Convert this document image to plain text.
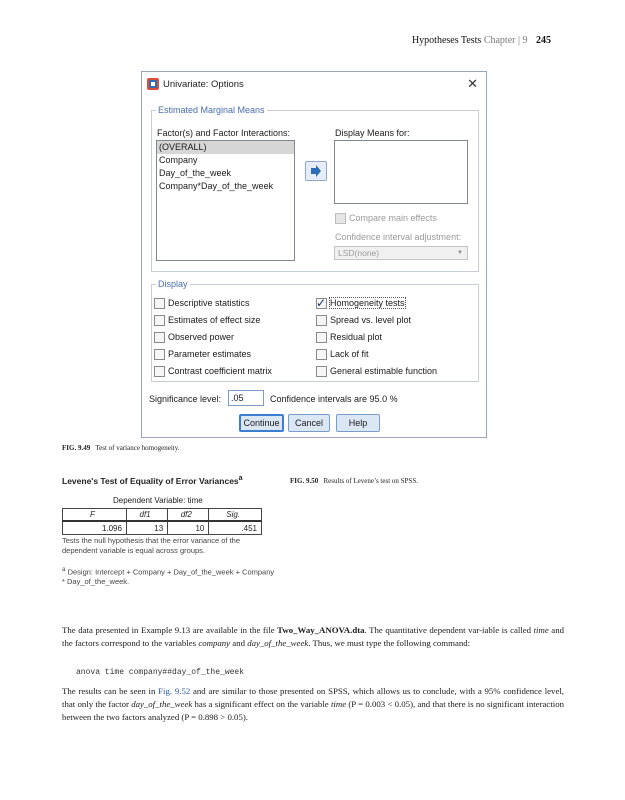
Hypotheses Tests Chapter | 9 245
Univariate: Options	✕
Estimated Marginal Means
Factor(s) and Factor Interactions:
(OVERALL)
Company
Day_of_the_week
Company*Day_of_the_week
Display Means for:
Compare main effects
Confidence interval adjustment:
LSD(none)	▼
Display
Descriptive statistics
Estimates of effect size
Observed power
Parameter estimates
Contrast coefficient matrix
✓ Homogeneity tests
Spread vs. level plot
Residual plot
Lack of fit
General estimable function
Significance level:	.05	Confidence intervals are 95.0 %
Continue	Cancel	Help
FIG. 9.49 Test of variance homogeneity.
FIG. 9.50 Results of Levene’s test on SPSS.
Levene's Test of Equality of Error Variances$^a$
Dependent Variable: time
F	df1	df2	Sig.
1.096	13	10	.451
Tests the null hypothesis that the error variance of the dependent variable is equal across groups.
$^a$ Design: Intercept + Company + Day_of_the_week + Company * Day_of_the_week.
The data presented in Example 9.13 are available in the file Two_Way_ANOVA.dta. The quantitative dependent var-iable is called time and the factors correspond to the variables company and day_of_the_week. Thus, we must type the following command:
anova time company##day_of_the_week
The results can be seen in Fig. 9.52 and are similar to those presented on SPSS, which allows us to conclude, with a 95% confidence level, that only the factor day_of_the_week has a significant effect on the variable time (P = 0.003 < 0.05), and that there is no significant interaction between the two factors analyzed (P = 0.898 > 0.05).
